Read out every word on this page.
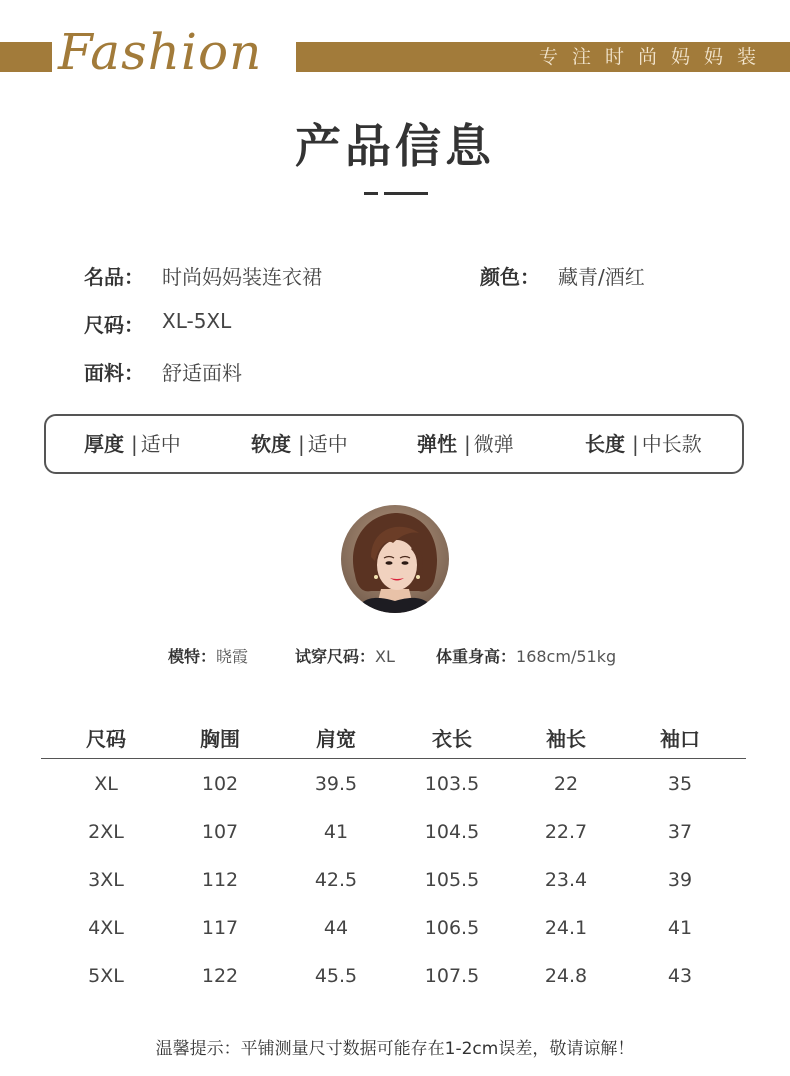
Fashion	专注时尚妈妈装
产品信息
名品： 时尚妈妈装连衣裙	颜色： 藏青/酒红
尺码： XL-5XL
面料： 舒适面料
厚度 | 适中	软度 | 适中	弹性 | 微弹	长度 | 中长款
模特：晓霞	试穿尺码：XL	体重身高：168cm/51kg
尺码	胸围	肩宽	衣长	袖长	袖口
XL	102	39.5	103.5	22	35
2XL	107	41	104.5	22.7	37
3XL	112	42.5	105.5	23.4	39
4XL	117	44	106.5	24.1	41
5XL	122	45.5	107.5	24.8	43
温馨提示：平铺测量尺寸数据可能存在1-2cm误差，敬请谅解！
